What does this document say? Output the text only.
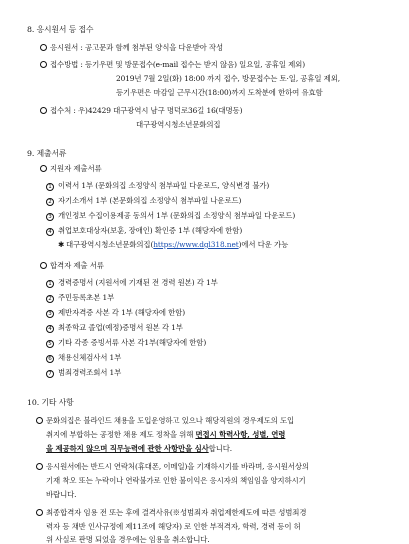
8. 응시원서 등 접수
응시원서 : 공고문과 함께 첨부된 양식을 다운받아 작성
접수방법 : 등기우편 및 방문접수(e-mail 접수는 받지 않음) 일요일, 공휴일 제외)
2019년 7월 2일(화) 18:00 까지 접수, 방문접수는 토·일, 공휴일 제외,
등기우편은 마감일 근무시간(18:00)까지 도착분에 한하여 유효함
접수처 : 우)42429 대구광역시 남구 명덕로36길 16(대명동)
대구광역시청소년문화의집
9. 제출서류
지원자 제출서류
1 이력서 1부 (문화의집 소정양식 첨부파일 다운로드, 양식변경 불가)
2 자기소개서 1부 (본문화의집 소정양식 첨부파일 나운로드)
3 개인정보 수집이용제공 동의서 1부 (문화의집 소정양식 첨부파일 다운로드)
4 취업보호대상자(보훈, 장애인) 확인증 1부 (해당자에 한함)
✱ 대구광역시청소년문화의집(https://www.dgl318.net)에서 다운 가능
합격자 제출 서류
1 경력증명서 (지원서에 기재된 전 경력 원본) 각 1부
2 주민등록초본 1부
3 제반자격증 사본 각 1부 (해당자에 한함)
4 최종학교 졸업(예정)증명서 원본 각 1부
5 기타 각종 증빙서류 사본 각1부(해당자에 한함)
6 채용신체검사서 1부
7 범죄경력조회서 1부
10. 기타 사항
문화의집은 블라인드 채용을 도입운영하고 있으나 해당직원의 경우제도의 도입
취지에 부합하는 공정한 채용 제도 정착을 위해 면접시 학력사항, 성별, 연령
을 제공하지 않으며 직무능력에 관한 사항만을 심사합니다.
응시원서에는 반드시 연락처(휴대폰, 이메일)을 기재하시기를 바라며, 응시원서상의
기재 착오 또는 누락이나 연락불가로 인한 불이익은 응시자의 책임임을 양지하시기
바랍니다.
최종합격자 임용 전 또는 후에 결격사유(※성범죄자 취업제한제도에 따른 성범죄경
력자 등 채반 인사규정에 제11조에 해당자) 로 인한 부적격자, 학력, 경력 등이 허
위 사실로 판명 되었을 경우에는 임용을 취소합니다.
